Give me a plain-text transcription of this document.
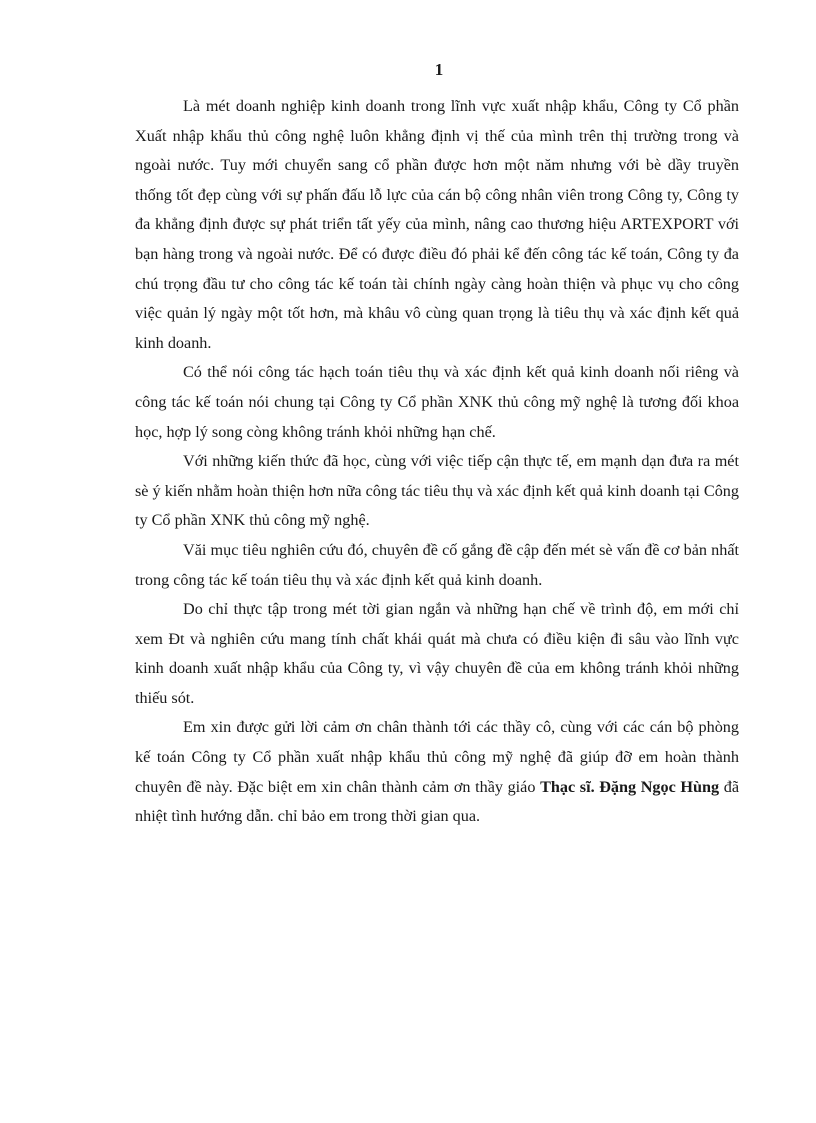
1

Là mét doanh nghiệp kinh doanh trong lĩnh vực xuất nhập khẩu, Công ty Cổ phần Xuất nhập khẩu thủ công nghệ luôn khẳng định vị thế của mình trên thị trường trong và ngoài nước. Tuy mới chuyển sang cổ phần được hơn một năm nhưng với bè dầy truyền thống tốt đẹp cùng với sự phấn đấu lỗ lực của cán bộ công nhân viên trong Công ty, Công ty đa khẳng định được sự phát triển tất yếy của mình, nâng cao thương hiệu ARTEXPORT với bạn hàng trong và ngoài nước. Để có được điều đó phải kể đến công tác kế toán, Công ty đa chú trọng đầu tư cho công tác kế toán tài chính ngày càng hoàn thiện và phục vụ cho công việc quản lý ngày một tốt hơn, mà khâu vô cùng quan trọng là tiêu thụ và xác định kết quả kinh doanh.

Có thể nói công tác hạch toán tiêu thụ và xác định kết quả kinh doanh nối riêng và công tác kế toán nói chung tại Công ty Cổ phần XNK thủ công mỹ nghệ là tương đối khoa học, hợp lý song còng không tránh khỏi những hạn chế.

Với những kiến thức đã học, cùng với việc tiếp cận thực tế, em mạnh dạn đưa ra mét sè ý kiến nhằm hoàn thiện hơn nữa công tác tiêu thụ và xác định kết quả kinh doanh tại Công ty Cổ phần XNK thủ công mỹ nghệ.

Văi mục tiêu nghiên cứu đó, chuyên đề cố gắng đề cập đến mét sè vấn đề cơ bản nhất trong công tác kế toán tiêu thụ và xác định kết quả kinh doanh.

Do chỉ thực tập trong mét tời gian ngắn và những hạn chế về trình độ, em mới chỉ xem Đt và nghiên cứu mang tính chất khái quát mà chưa có điều kiện đi sâu vào lĩnh vực kinh doanh xuất nhập khẩu của Công ty, vì vậy chuyên đề của em không tránh khỏi những thiếu sót.

Em xin được gửi lời cảm ơn chân thành tới các thầy cô, cùng với các cán bộ phòng kế toán Công ty Cổ phần xuất nhập khẩu thủ công mỹ nghệ đã giúp đỡ em hoàn thành chuyên đề này. Đặc biệt em xin chân thành cảm ơn thầy giáo Thạc sĩ. Đặng Ngọc Hùng đã nhiệt tình hướng dẫn. chỉ bảo em trong thời gian qua.
